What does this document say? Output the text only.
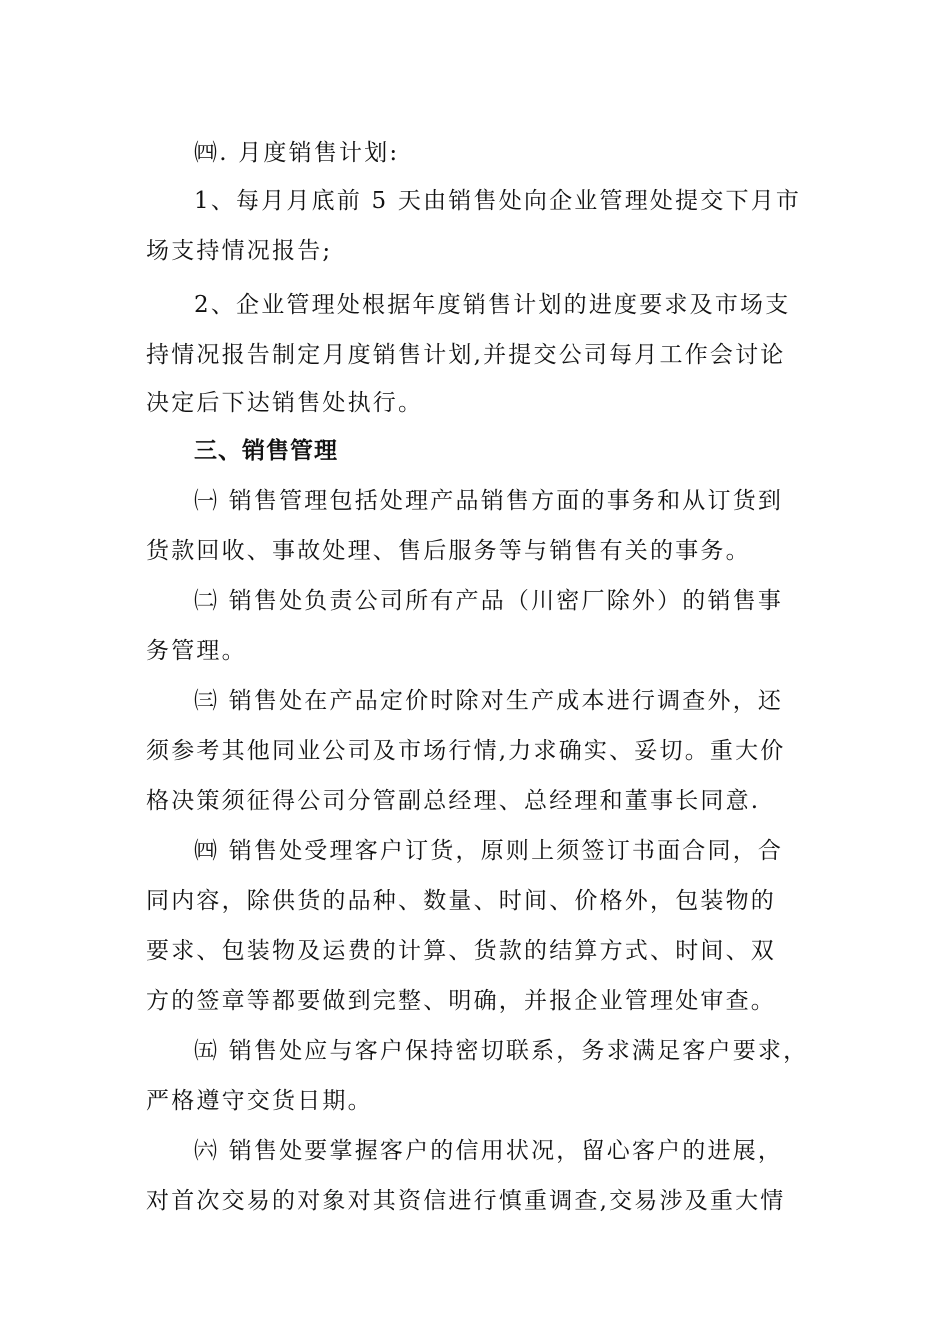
㈣. 月度销售计划:
1、每月月底前 5 天由销售处向企业管理处提交下月市
场支持情况报告;
2、企业管理处根据年度销售计划的进度要求及市场支
持情况报告制定月度销售计划,并提交公司每月工作会讨论
决定后下达销售处执行。
三、销售管理
㈠ 销售管理包括处理产品销售方面的事务和从订货到
货款回收、事故处理、售后服务等与销售有关的事务。
㈡ 销售处负责公司所有产品（川密厂除外）的销售事
务管理。
㈢ 销售处在产品定价时除对生产成本进行调查外，还
须参考其他同业公司及市场行情,力求确实、妥切。重大价
格决策须征得公司分管副总经理、总经理和董事长同意.
㈣ 销售处受理客户订货，原则上须签订书面合同，合
同内容，除供货的品种、数量、时间、价格外，包装物的
要求、包装物及运费的计算、货款的结算方式、时间、双
方的签章等都要做到完整、明确，并报企业管理处审查。
㈤ 销售处应与客户保持密切联系，务求满足客户要求，
严格遵守交货日期。
㈥ 销售处要掌握客户的信用状况，留心客户的进展，
对首次交易的对象对其资信进行慎重调查,交易涉及重大情
